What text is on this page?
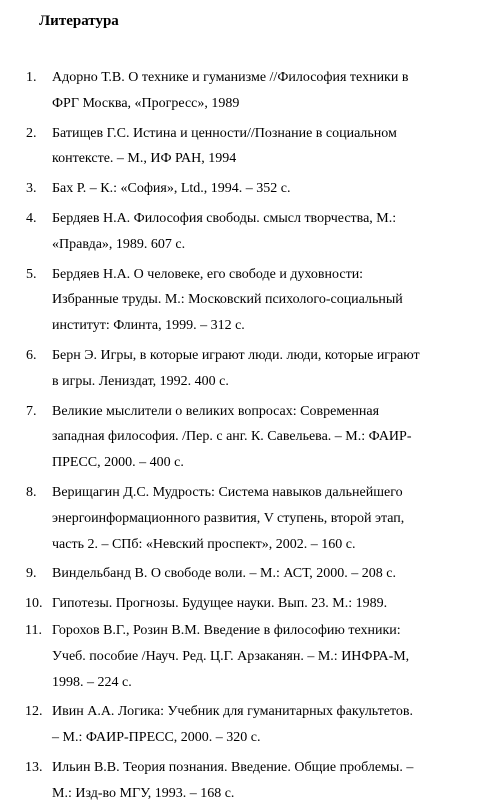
Литература
1. Адорно Т.В. О технике и гуманизме //Философия техники в
ФРГ Москва, «Прогресс», 1989
2. Батищев Г.С. Истина и ценности//Познание в социальном
контексте. – М., ИФ РАН, 1994
3. Бах Р. – К.: «София», Ltd., 1994. – 352 с.
4. Бердяев Н.А. Философия свободы. смысл творчества, М.:
«Правда», 1989. 607 с.
5. Бердяев Н.А. О человеке, его свободе и духовности:
Избранные труды. М.: Московский психолого-социальный
институт: Флинта, 1999. – 312 с.
6. Берн Э. Игры, в которые играют люди. люди, которые играют
в игры. Лениздат, 1992. 400 с.
7. Великие мыслители о великих вопросах: Современная
западная философия. /Пер. с анг. К. Савельева. – М.: ФАИР-
ПРЕСС, 2000. – 400 с.
8. Верищагин Д.С. Мудрость: Система навыков дальнейшего
энергоинформационного развития, V ступень, второй этап,
часть 2. – СПб: «Невский проспект», 2002. – 160 с.
9. Виндельбанд В. О свободе воли. – М.: АСТ, 2000. – 208 с.
10. Гипотезы. Прогнозы. Будущее науки. Вып. 23. М.: 1989.
11. Горохов В.Г., Розин В.М. Введение в философию техники:
Учеб. пособие /Науч. Ред. Ц.Г. Арзаканян. – М.: ИНФРА-М,
1998. – 224 с.
12. Ивин А.А. Логика: Учебник для гуманитарных факультетов.
– М.: ФАИР-ПРЕСС, 2000. – 320 с.
13. Ильин В.В. Теория познания. Введение. Общие проблемы. –
М.: Изд-во МГУ, 1993. – 168 с.
